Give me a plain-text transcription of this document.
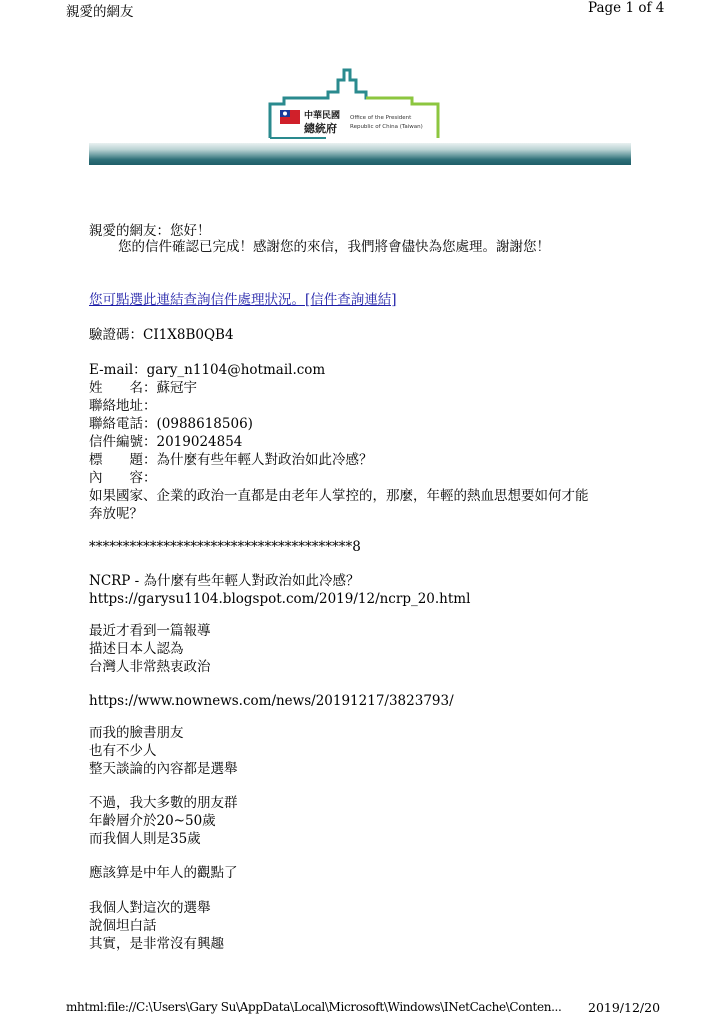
親愛的網友	Page 1 of 4
中華民國
總統府
Office of the President
Republic of China (Taiwan)
親愛的網友：您好！
您的信件確認已完成！感謝您的來信，我們將會儘快為您處理。謝謝您！
您可點選此連結查詢信件處理狀況。[信件查詢連結]
驗證碼：CI1X8B0QB4
E-mail：gary_n1104@hotmail.com
姓　　名：蘇冠宇
聯絡地址：
聯絡電話：(0988618506)
信件編號：2019024854
標　　題：為什麼有些年輕人對政治如此冷感？
內　　容：
如果國家、企業的政治一直都是由老年人掌控的，那麼，年輕的熱血思想要如何才能
奔放呢？
***************************************8
NCRP - 為什麼有些年輕人對政治如此冷感？
https://garysu1104.blogspot.com/2019/12/ncrp_20.html
最近才看到一篇報導
描述日本人認為
台灣人非常熱衷政治
https://www.nownews.com/news/20191217/3823793/
而我的臉書朋友
也有不少人
整天談論的內容都是選舉
不過，我大多數的朋友群
年齡層介於20~50歲
而我個人則是35歲
應該算是中年人的觀點了
我個人對這次的選舉
說個坦白話
其實，是非常沒有興趣
mhtml:file://C:\Users\Gary Su\AppData\Local\Microsoft\Windows\INetCache\Conten... 2019/12/20
